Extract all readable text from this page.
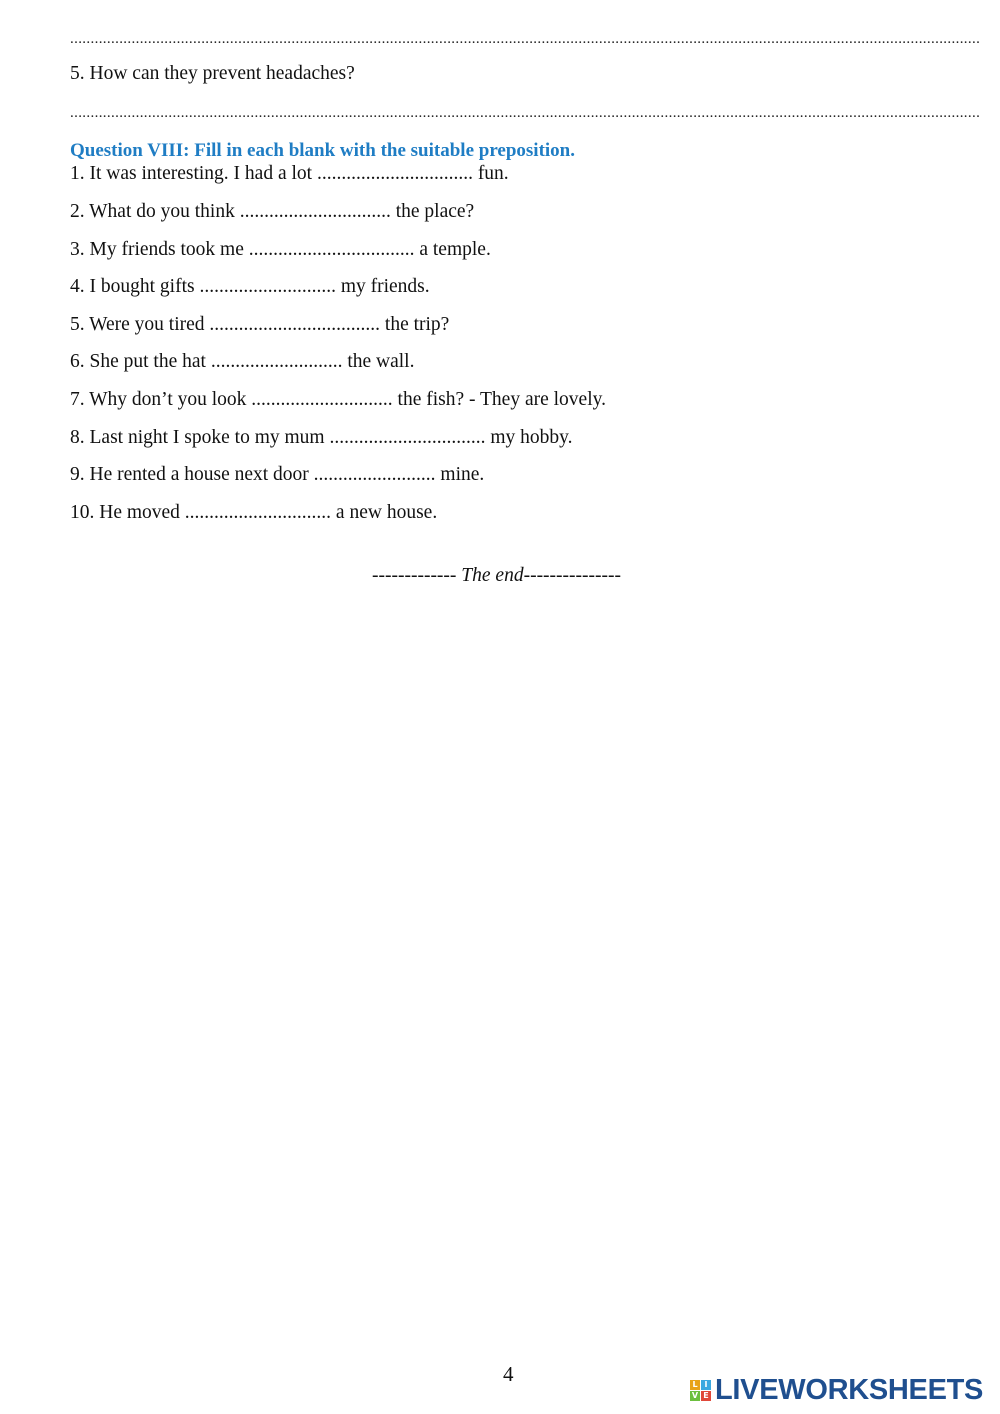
..............................................................................................................................................................................................................................
5. How can they prevent headaches?
..............................................................................................................................................................................................................................
Question VIII: Fill in each blank with the suitable preposition.
1. It was interesting. I had a lot ................................ fun.
2. What do you think ............................... the place?
3. My friends took me .................................. a temple.
4. I bought gifts ............................ my friends.
5. Were you tired ................................... the trip?
6. She put the hat ........................... the wall.
7. Why don’t you look ............................. the fish? - They are lovely.
8. Last night I spoke to my mum ................................ my hobby.
9. He rented a house next door ......................... mine.
10. He moved .............................. a new house.
------------- The end---------------
4	L I
V E LIVEWORKSHEETS
